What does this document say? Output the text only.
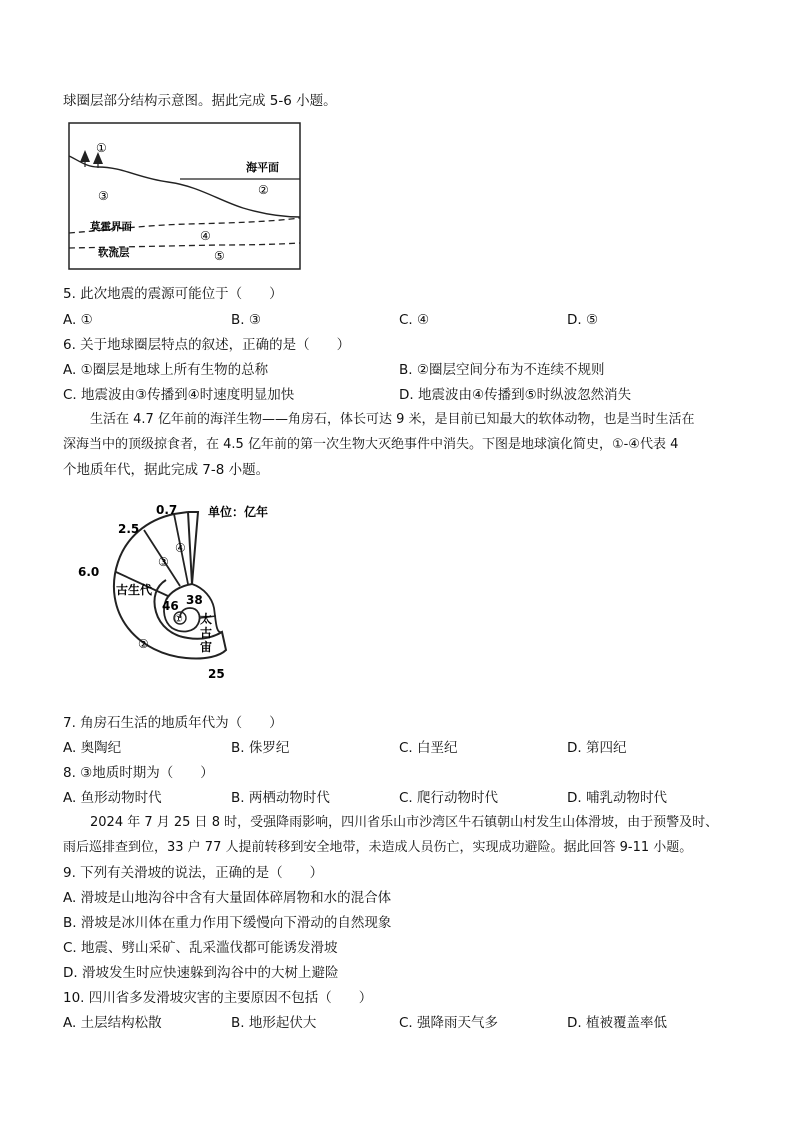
球圈层部分结构示意图。据此完成 5-6 小题。
①
③	②
海平面
莫霍界面
④
软流层	⑤
5. 此次地震的震源可能位于（　　）
A. ①	B. ③	C. ④	D. ⑤
6. 关于地球圈层特点的叙述，正确的是（　　）
A. ①圈层是地球上所有生物的总称	B. ②圈层空间分布为不连续不规则
C. 地震波由③传播到④时速度明显加快	D. 地震波由④传播到⑤时纵波忽然消失
生活在 4.7 亿年前的海洋生物——角房石，体长可达 9 米，是目前已知最大的软体动物，也是当时生活在
深海当中的顶级掠食者，在 4.5 亿年前的第一次生物大灭绝事件中消失。下图是地球演化简史，①-④代表 4
个地质年代，据此完成 7-8 小题。
0.7	单位：亿年
2.5
6.0
古生代
③
④
38
46
①
②
太
古
宙
25
7. 角房石生活的地质年代为（　　）
A. 奥陶纪	B. 侏罗纪	C. 白垩纪	D. 第四纪
8. ③地质时期为（　　）
A. 鱼形动物时代	B. 两栖动物时代	C. 爬行动物时代	D. 哺乳动物时代
2024 年 7 月 25 日 8 时，受强降雨影响，四川省乐山市沙湾区牛石镇朝山村发生山体滑坡，由于预警及时、
雨后巡排查到位，33 户 77 人提前转移到安全地带，未造成人员伤亡，实现成功避险。据此回答 9-11 小题。
9. 下列有关滑坡的说法，正确的是（　　）
A. 滑坡是山地沟谷中含有大量固体碎屑物和水的混合体
B. 滑坡是冰川体在重力作用下缓慢向下滑动的自然现象
C. 地震、劈山采矿、乱采滥伐都可能诱发滑坡
D. 滑坡发生时应快速躲到沟谷中的大树上避险
10. 四川省多发滑坡灾害的主要原因不包括（　　）
A. 土层结构松散	B. 地形起伏大	C. 强降雨天气多	D. 植被覆盖率低
